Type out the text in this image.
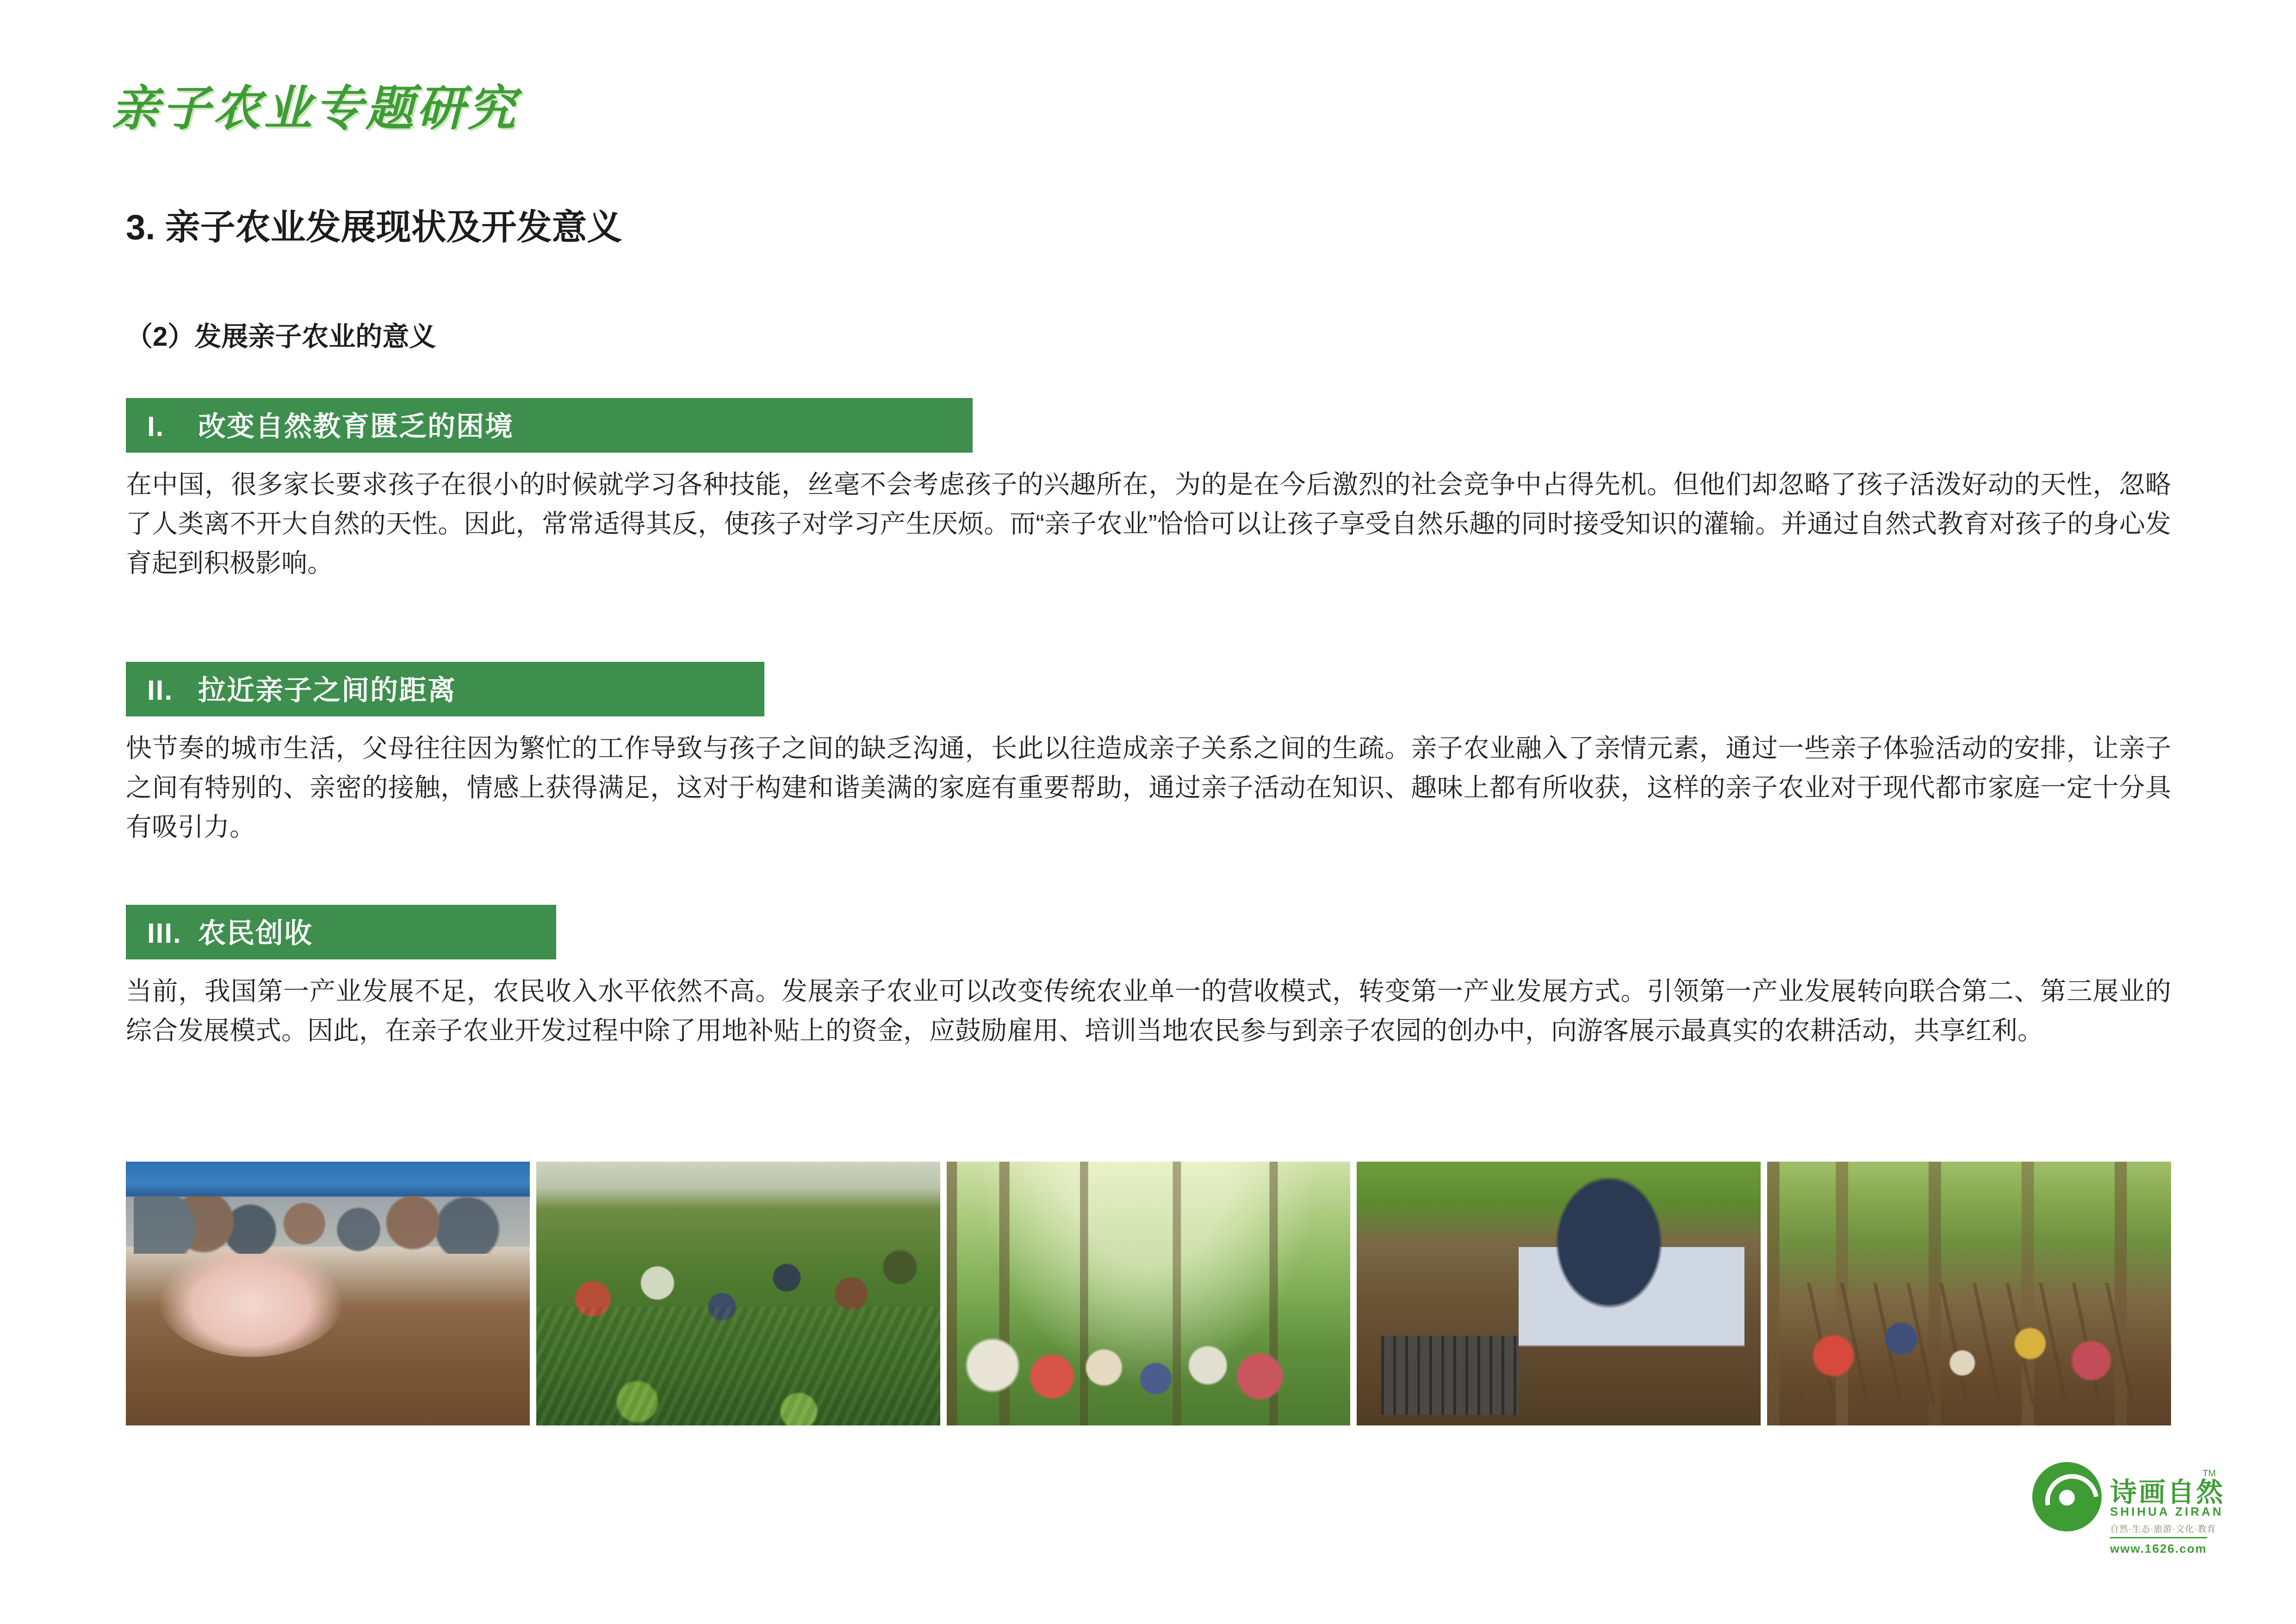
亲子农业专题研究
3. 亲子农业发展现状及开发意义
（2）发展亲子农业的意义
I. 改变自然教育匮乏的困境
在中国，很多家长要求孩子在很小的时候就学习各种技能，丝毫不会考虑孩子的兴趣所在，为的是在今后激烈的社会竞争中占得先机。但他们却忽略了孩子活泼好动的天性，忽略了人类离不开大自然的天性。因此，常常适得其反，使孩子对学习产生厌烦。而“亲子农业”恰恰可以让孩子享受自然乐趣的同时接受知识的灌输。并通过自然式教育对孩子的身心发育起到积极影响。
II. 拉近亲子之间的距离
快节奏的城市生活，父母往往因为繁忙的工作导致与孩子之间的缺乏沟通，长此以往造成亲子关系之间的生疏。亲子农业融入了亲情元素，通过一些亲子体验活动的安排，让亲子之间有特别的、亲密的接触，情感上获得满足，这对于构建和谐美满的家庭有重要帮助，通过亲子活动在知识、趣味上都有所收获，这样的亲子农业对于现代都市家庭一定十分具有吸引力。
III. 农民创收
当前，我国第一产业发展不足，农民收入水平依然不高。发展亲子农业可以改变传统农业单一的营收模式，转变第一产业发展方式。引领第一产业发展转向联合第二、第三展业的综合发展模式。因此，在亲子农业开发过程中除了用地补贴上的资金，应鼓励雇用、培训当地农民参与到亲子农园的创办中，向游客展示最真实的农耕活动，共享红利。
诗画自然
TM
SHIHUA ZIRAN
自然·生态·旅游·文化·教育
www.1626.com
